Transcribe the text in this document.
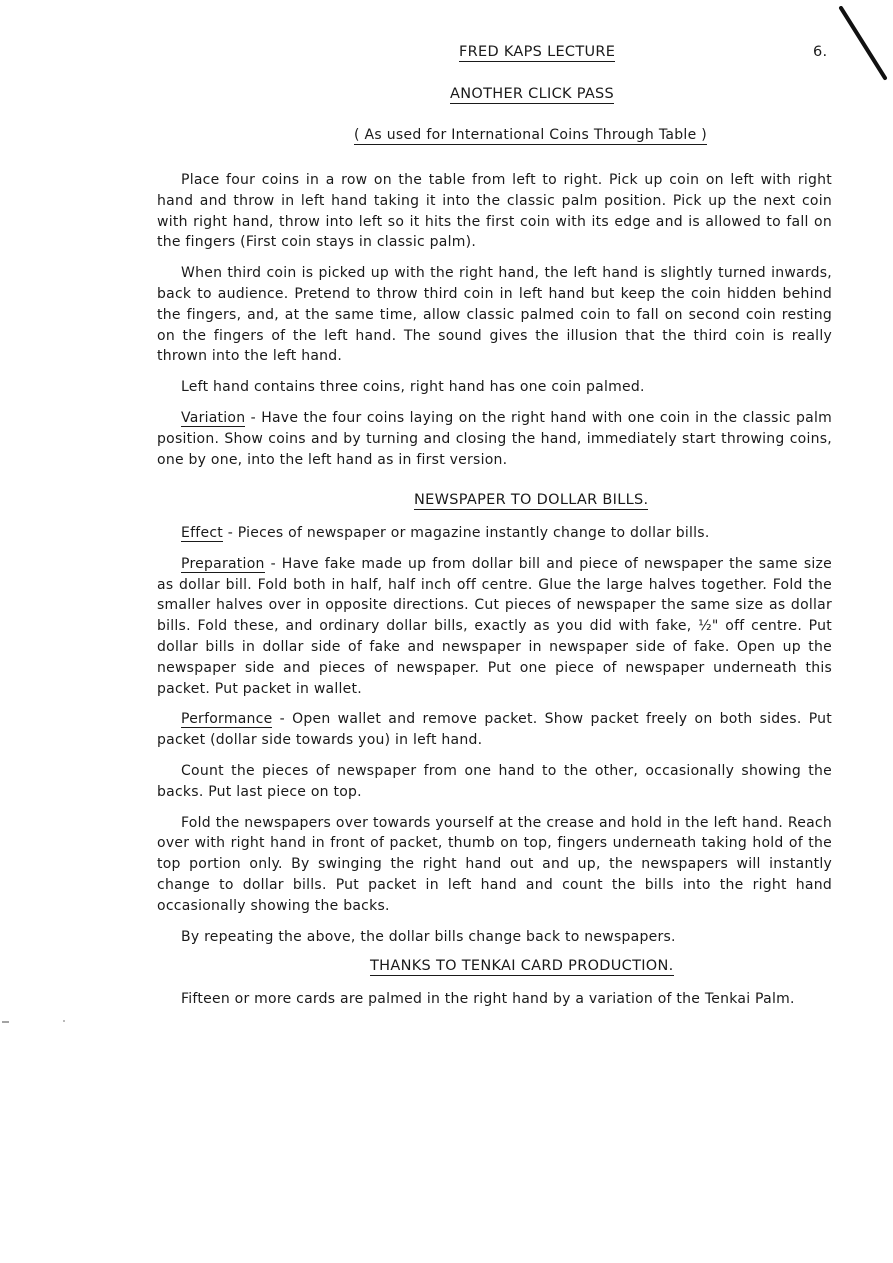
FRED KAPS LECTURE	6.
ANOTHER CLICK PASS
( As used for International Coins Through Table )

Place four coins in a row on the table from left to right. Pick up coin on left with right hand and throw in left hand taking it into the classic palm position. Pick up the next coin with right hand, throw into left so it hits the first coin with its edge and is allowed to fall on the fingers (First coin stays in classic palm).

When third coin is picked up with the right hand, the left hand is slightly turned inwards, back to audience. Pretend to throw third coin in left hand but keep the coin hidden behind the fingers, and, at the same time, allow classic palmed coin to fall on second coin resting on the fingers of the left hand. The sound gives the illusion that the third coin is really thrown into the left hand.

Left hand contains three coins, right hand has one coin palmed.

Variation - Have the four coins laying on the right hand with one coin in the classic palm position. Show coins and by turning and closing the hand, immediately start throwing coins, one by one, into the left hand as in first version.

NEWSPAPER TO DOLLAR BILLS.

Effect - Pieces of newspaper or magazine instantly change to dollar bills.

Preparation - Have fake made up from dollar bill and piece of newspaper the same size as dollar bill. Fold both in half, half inch off centre. Glue the large halves together. Fold the smaller halves over in opposite directions. Cut pieces of newspaper the same size as dollar bills. Fold these, and ordinary dollar bills, exactly as you did with fake, ½" off centre. Put dollar bills in dollar side of fake and newspaper in newspaper side of fake. Open up the newspaper side and pieces of newspaper. Put one piece of newspaper underneath this packet. Put packet in wallet.

Performance - Open wallet and remove packet. Show packet freely on both sides. Put packet (dollar side towards you) in left hand.

Count the pieces of newspaper from one hand to the other, occasionally showing the backs. Put last piece on top.

Fold the newspapers over towards yourself at the crease and hold in the left hand. Reach over with right hand in front of packet, thumb on top, fingers underneath taking hold of the top portion only. By swinging the right hand out and up, the newspapers will instantly change to dollar bills. Put packet in left hand and count the bills into the right hand occasionally showing the backs.

By repeating the above, the dollar bills change back to newspapers.

THANKS TO TENKAI CARD PRODUCTION.

Fifteen or more cards are palmed in the right hand by a variation of the Tenkai Palm.
